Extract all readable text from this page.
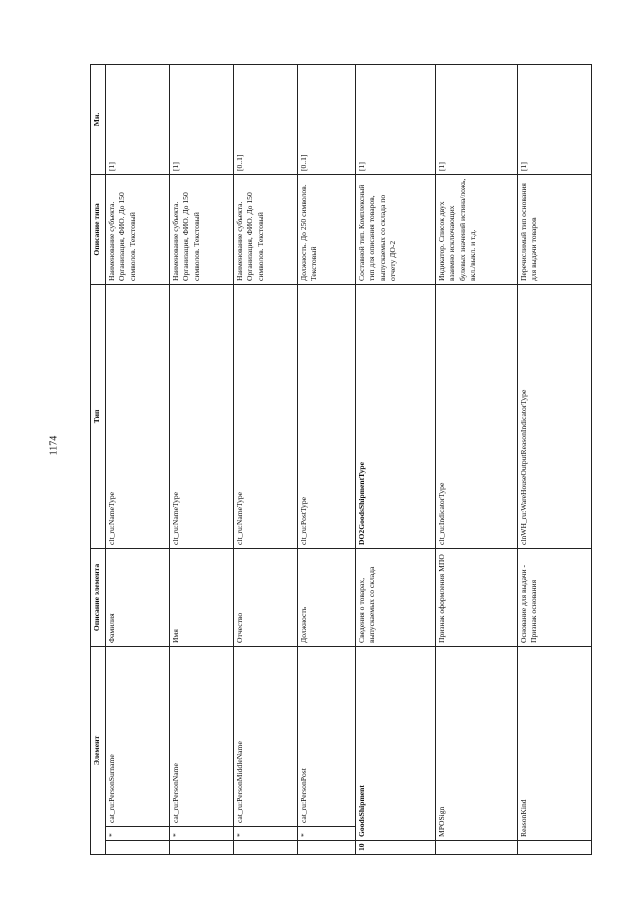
1174
Элемент			Описание элемента	Тип	Описание типа	Мн.
	*	cat_ru:PersonSurname	Фамилия	clt_ru:NameType	Наименование субъекта. Организация, ФИО. До 150 символов. Текстовый	[1]
	*	cat_ru:PersonName	Имя	clt_ru:NameType	Наименование субъекта. Организация, ФИО. До 150 символов. Текстовый	[1]
	*	cat_ru:PersonMiddleName	Отчество	clt_ru:NameType	Наименование субъекта. Организация, ФИО. До 150 символов. Текстовый	[0..1]
	*	cat_ru:PersonPost	Должность	clt_ru:PostType	Должность. До 250 символов. Текстовый	[0..1]
10	GoodsShipment		Сведения о товарах, выпускаемых со склада	DO2GoodsShipmentType	Составной тип. Комплексный тип для описания товаров, выпускаемых со склада по отчету ДО-2	[1]
	MPOSign		Признак оформления МПО	clt_ru:IndicatorType	Индикатор. Список двух взаимно исключающих булевых значений истина/ложь, вкл./выкл. и т.д.	[1]
	ReasonKind		Основание для выдачи - Признак основания	clnWH_ru:WareHouseOutputReasonIndicatorType	Перечислимый тип основания для выдачи товаров	[1]
